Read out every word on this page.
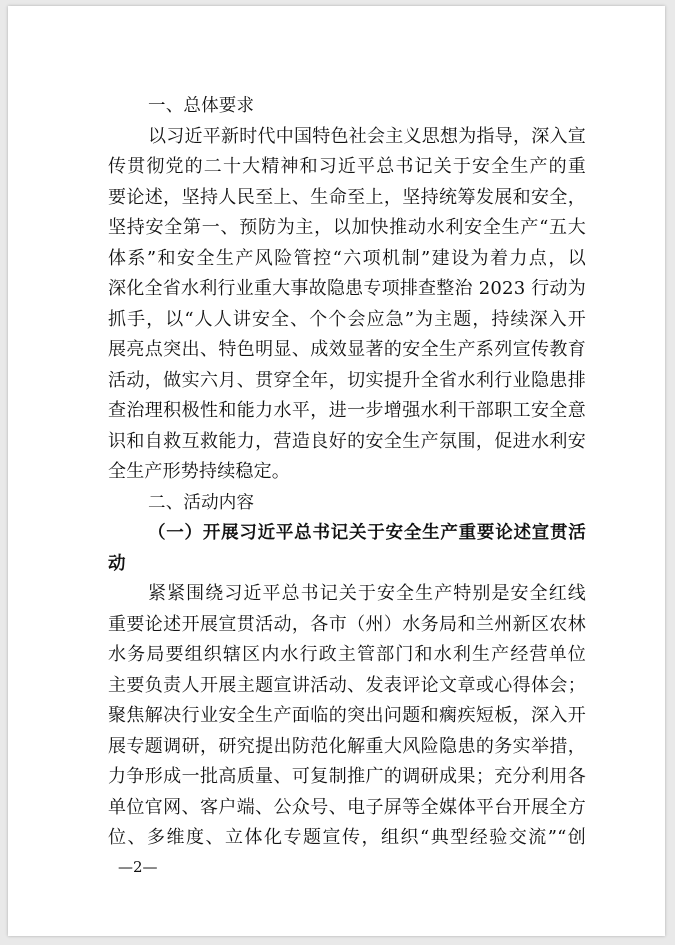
一、总体要求
以习近平新时代中国特色社会主义思想为指导，深入宣
传贯彻党的二十大精神和习近平总书记关于安全生产的重
要论述，坚持人民至上、生命至上，坚持统筹发展和安全，
坚持安全第一、预防为主，以加快推动水利安全生产“五大
体系”和安全生产风险管控“六项机制”建设为着力点，以
深化全省水利行业重大事故隐患专项排查整治 2023 行动为
抓手，以“人人讲安全、个个会应急”为主题，持续深入开
展亮点突出、特色明显、成效显著的安全生产系列宣传教育
活动，做实六月、贯穿全年，切实提升全省水利行业隐患排
查治理积极性和能力水平，进一步增强水利干部职工安全意
识和自救互救能力，营造良好的安全生产氛围，促进水利安
全生产形势持续稳定。
二、活动内容
（一）开展习近平总书记关于安全生产重要论述宣贯活
动
紧紧围绕习近平总书记关于安全生产特别是安全红线
重要论述开展宣贯活动，各市（州）水务局和兰州新区农林
水务局要组织辖区内水行政主管部门和水利生产经营单位
主要负责人开展主题宣讲活动、发表评论文章或心得体会；
聚焦解决行业安全生产面临的突出问题和瘸疾短板，深入开
展专题调研，研究提出防范化解重大风险隐患的务实举措，
力争形成一批高质量、可复制推广的调研成果；充分利用各
单位官网、客户端、公众号、电子屏等全媒体平台开展全方
位、多维度、立体化专题宣传，组织“典型经验交流”“创
—2—
